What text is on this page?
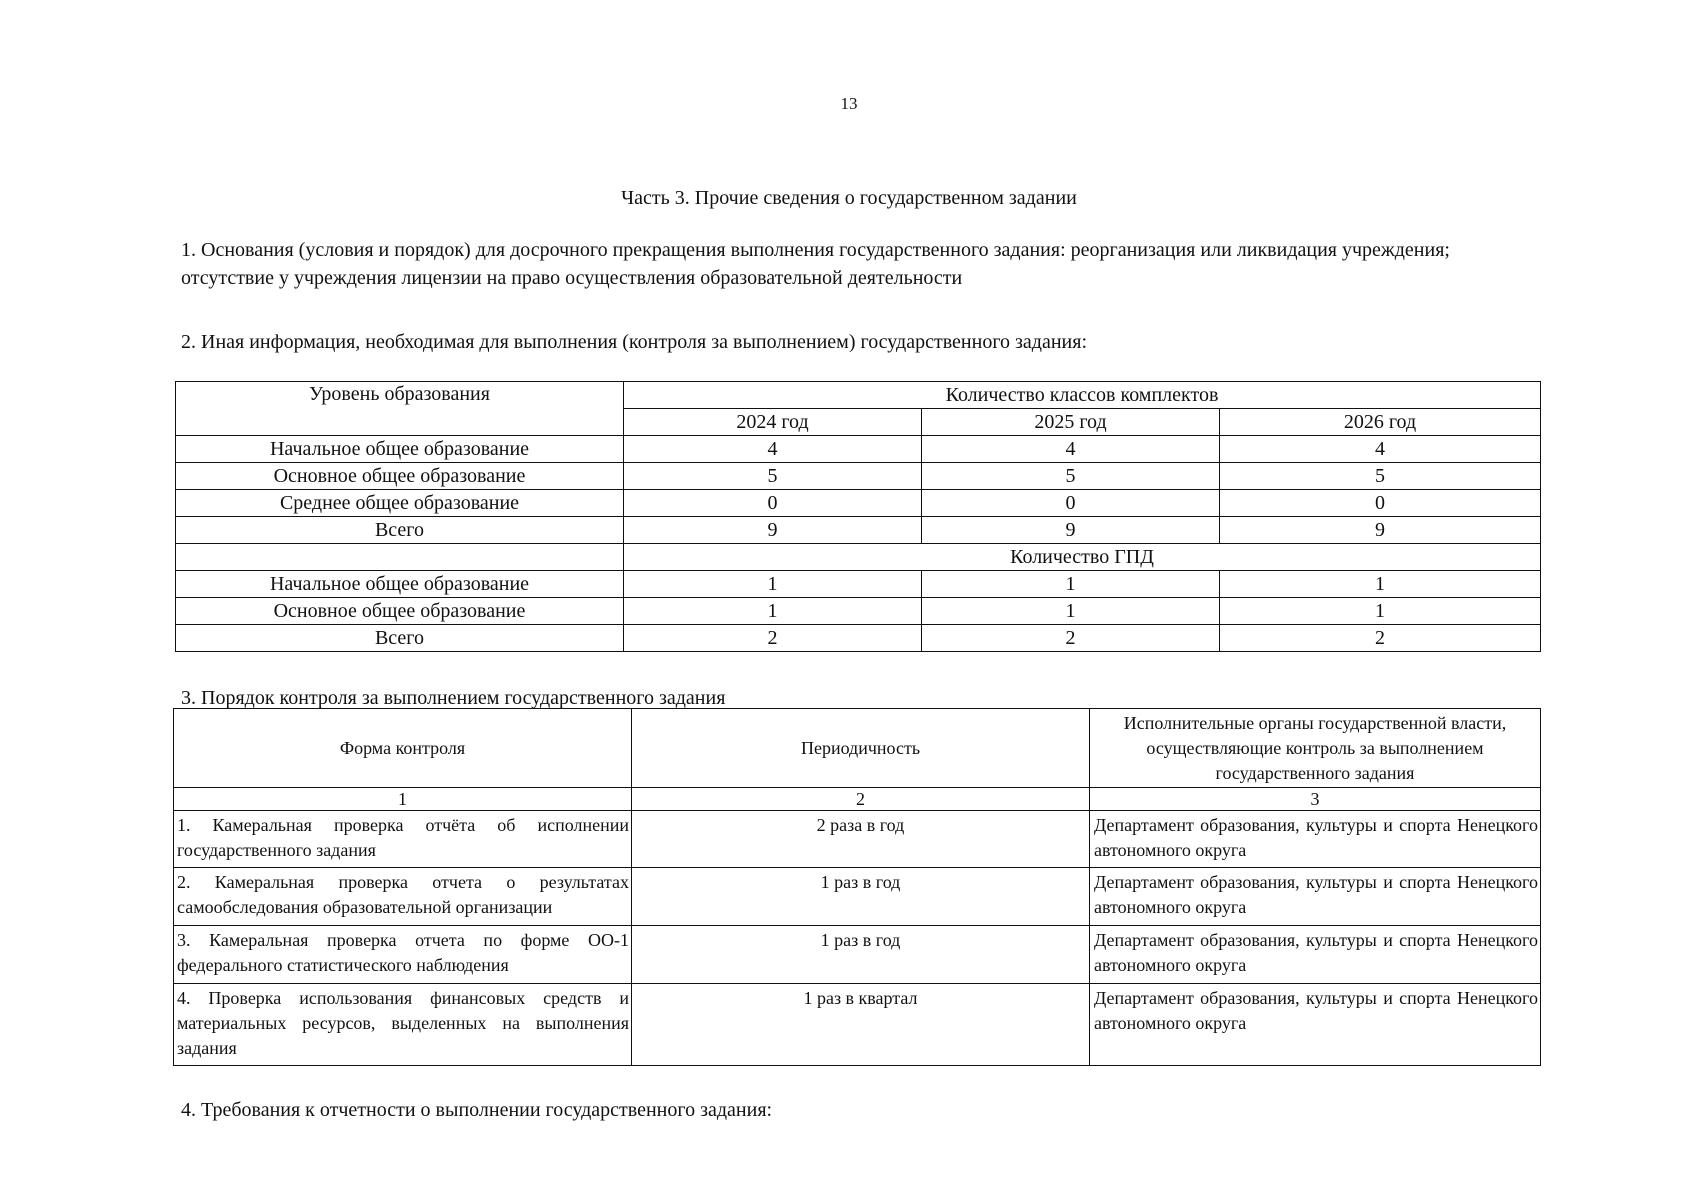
13
Часть 3. Прочие сведения о государственном задании
1. Основания (условия и порядок) для досрочного прекращения выполнения государственного задания: реорганизация или ликвидация учреждения; отсутствие у учреждения лицензии на право осуществления образовательной деятельности
2. Иная информация, необходимая для выполнения (контроля за выполнением) государственного задания:
Уровень образования	Количество классов комплектов		
	2024 год	2025 год	2026 год
Начальное общее образование	4	4	4
Основное общее образование	5	5	5
Среднее общее образование	0	0	0
Всего	9	9	9
	Количество ГПД		
Начальное общее образование	1	1	1
Основное общее образование	1	1	1
Всего	2	2	2
3. Порядок контроля за выполнением государственного задания
Форма контроля	Периодичность	Исполнительные органы государственной власти, осуществляющие контроль за выполнением государственного задания
1	2	3
1. Камеральная проверка отчёта об исполнении государственного задания	2 раза в год	Департамент образования, культуры и спорта Ненецкого автономного округа
2. Камеральная проверка отчета о результатах самообследования образовательной организации	1 раз в год	Департамент образования, культуры и спорта Ненецкого автономного округа
3. Камеральная проверка отчета по форме ОО-1 федерального статистического наблюдения	1 раз в год	Департамент образования, культуры и спорта Ненецкого автономного округа
4. Проверка использования финансовых средств и материальных ресурсов, выделенных на выполнения задания	1 раз в квартал	Департамент образования, культуры и спорта Ненецкого автономного округа
4. Требования к отчетности о выполнении государственного задания:
